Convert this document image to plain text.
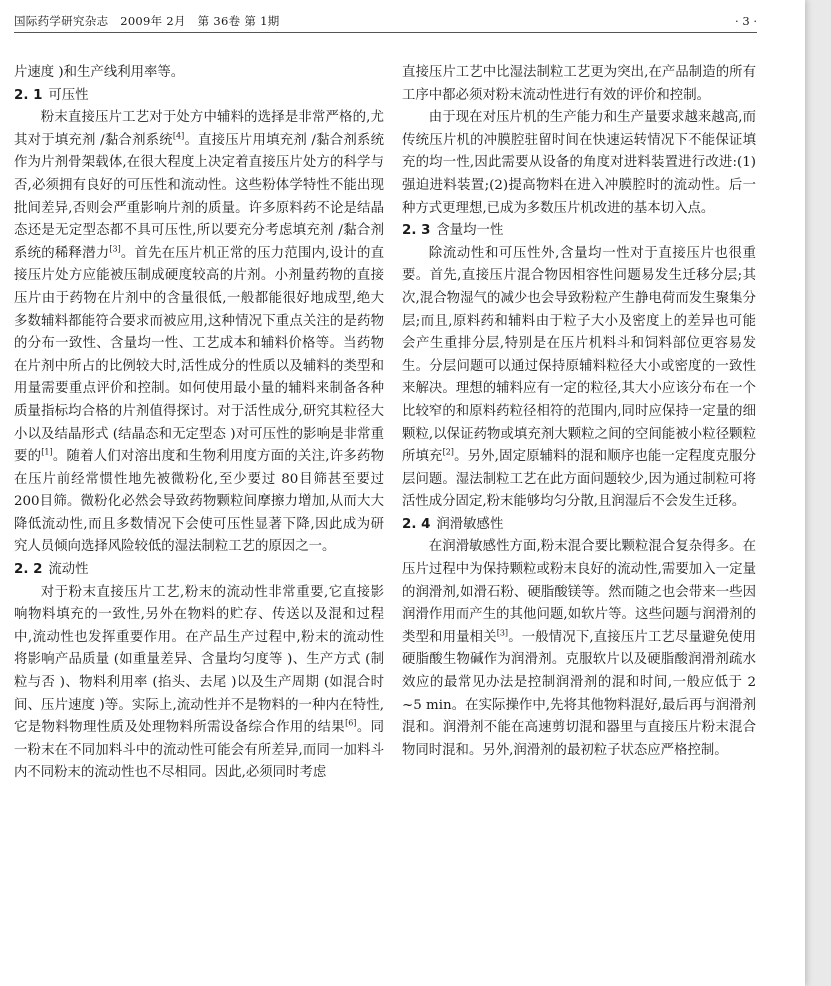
国际药学研究杂志　2009年 2月　第 36卷 第 1期	· 3 ·

片速度 )和生产线利用率等。

2. 1 可压性

粉末直接压片工艺对于处方中辅料的选择是非常严格的,尤其对于填充剂 /黏合剂系统[4]。直接压片用填充剂 /黏合剂系统作为片剂骨架载体,在很大程度上决定着直接压片处方的科学与否,必须拥有良好的可压性和流动性。这些粉体学特性不能出现批间差异,否则会严重影响片剂的质量。许多原料药不论是结晶态还是无定型态都不具可压性,所以要充分考虑填充剂 /黏合剂系统的稀释潜力[3]。首先在压片机正常的压力范围内,设计的直接压片处方应能被压制成硬度较高的片剂。小剂量药物的直接压片由于药物在片剂中的含量很低,一般都能很好地成型,绝大多数辅料都能符合要求而被应用,这种情况下重点关注的是药物的分布一致性、含量均一性、工艺成本和辅料价格等。当药物在片剂中所占的比例较大时,活性成分的性质以及辅料的类型和用量需要重点评价和控制。如何使用最小量的辅料来制备各种质量指标均合格的片剂值得探讨。对于活性成分,研究其粒径大小以及结晶形式 (结晶态和无定型态 )对可压性的影响是非常重要的[1]。随着人们对溶出度和生物利用度方面的关注,许多药物在压片前经常惯性地先被微粉化,至少要过 80目筛甚至要过 200目筛。微粉化必然会导致药物颗粒间摩擦力增加,从而大大降低流动性,而且多数情况下会使可压性显著下降,因此成为研究人员倾向选择风险较低的湿法制粒工艺的原因之一。

2. 2 流动性

对于粉末直接压片工艺,粉末的流动性非常重要,它直接影响物料填充的一致性,另外在物料的贮存、传送以及混和过程中,流动性也发挥重要作用。在产品生产过程中,粉末的流动性将影响产品质量 (如重量差异、含量均匀度等 )、生产方式 (制粒与否 )、物料利用率 (掐头、去尾 )以及生产周期 (如混合时间、压片速度 )等。实际上,流动性并不是物料的一种内在特性,它是物料物理性质及处理物料所需设备综合作用的结果[6]。同一粉末在不同加料斗中的流动性可能会有所差异,而同一加料斗内不同粉末的流动性也不尽相同。因此,必须同时考虑

直接压片工艺中比湿法制粒工艺更为突出,在产品制造的所有工序中都必须对粉末流动性进行有效的评价和控制。

由于现在对压片机的生产能力和生产量要求越来越高,而传统压片机的冲膜腔驻留时间在快速运转情况下不能保证填充的均一性,因此需要从设备的角度对进料装置进行改进:(1)强迫进料装置;(2)提高物料在进入冲膜腔时的流动性。后一种方式更理想,已成为多数压片机改进的基本切入点。

2. 3 含量均一性

除流动性和可压性外,含量均一性对于直接压片也很重要。首先,直接压片混合物因相容性问题易发生迁移分层;其次,混合物湿气的减少也会导致粉粒产生静电荷而发生聚集分层;而且,原料药和辅料由于粒子大小及密度上的差异也可能会产生重排分层,特别是在压片机料斗和饲料部位更容易发生。分层问题可以通过保持原辅料粒径大小或密度的一致性来解决。理想的辅料应有一定的粒径,其大小应该分布在一个比较窄的和原料药粒径相符的范围内,同时应保持一定量的细颗粒,以保证药物或填充剂大颗粒之间的空间能被小粒径颗粒所填充[2]。另外,固定原辅料的混和顺序也能一定程度克服分层问题。湿法制粒工艺在此方面问题较少,因为通过制粒可将活性成分固定,粉末能够均匀分散,且润湿后不会发生迁移。

2. 4 润滑敏感性

在润滑敏感性方面,粉末混合要比颗粒混合复杂得多。在压片过程中为保持颗粒或粉末良好的流动性,需要加入一定量的润滑剂,如滑石粉、硬脂酸镁等。然而随之也会带来一些因润滑作用而产生的其他问题,如软片等。这些问题与润滑剂的类型和用量相关[3]。一般情况下,直接压片工艺尽量避免使用硬脂酸生物碱作为润滑剂。克服软片以及硬脂酸润滑剂疏水效应的最常见办法是控制润滑剂的混和时间,一般应低于 2 ~5 min。在实际操作中,先将其他物料混好,最后再与润滑剂混和。润滑剂不能在高速剪切混和器里与直接压片粉末混合物同时混和。另外,润滑剂的最初粒子状态应严格控制。
